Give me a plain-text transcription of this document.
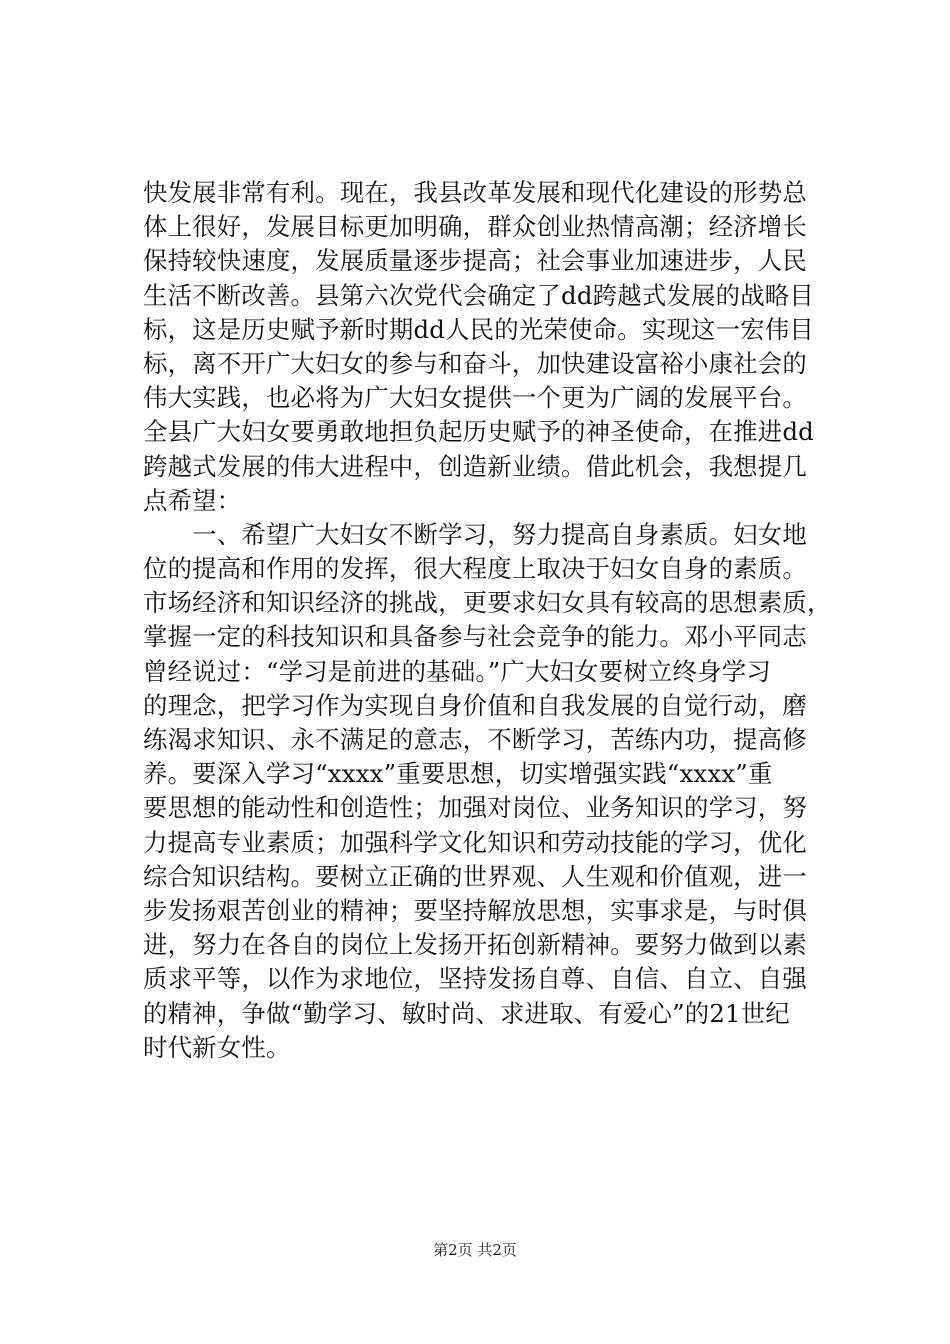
快发展非常有利。现在，我县改革发展和现代化建设的形势总
体上很好，发展目标更加明确，群众创业热情高潮；经济增长
保持较快速度，发展质量逐步提高；社会事业加速进步，人民
生活不断改善。县第六次党代会确定了dd跨越式发展的战略目
标，这是历史赋予新时期dd人民的光荣使命。实现这一宏伟目
标，离不开广大妇女的参与和奋斗，加快建设富裕小康社会的
伟大实践，也必将为广大妇女提供一个更为广阔的发展平台。
全县广大妇女要勇敢地担负起历史赋予的神圣使命，在推进dd
跨越式发展的伟大进程中，创造新业绩。借此机会，我想提几
点希望：
　　一、希望广大妇女不断学习，努力提高自身素质。妇女地
位的提高和作用的发挥，很大程度上取决于妇女自身的素质。
市场经济和知识经济的挑战，更要求妇女具有较高的思想素质，
掌握一定的科技知识和具备参与社会竞争的能力。邓小平同志
曾经说过：“学习是前进的基础。”广大妇女要树立终身学习
的理念，把学习作为实现自身价值和自我发展的自觉行动，磨
练渴求知识、永不满足的意志，不断学习，苦练内功，提高修
养。要深入学习“xxxx”重要思想，切实增强实践“xxxx”重
要思想的能动性和创造性；加强对岗位、业务知识的学习，努
力提高专业素质；加强科学文化知识和劳动技能的学习，优化
综合知识结构。要树立正确的世界观、人生观和价值观，进一
步发扬艰苦创业的精神；要坚持解放思想，实事求是，与时俱
进，努力在各自的岗位上发扬开拓创新精神。要努力做到以素
质求平等，以作为求地位，坚持发扬自尊、自信、自立、自强
的精神，争做“勤学习、敏时尚、求进取、有爱心”的21世纪
时代新女性。
第2页 共2页
